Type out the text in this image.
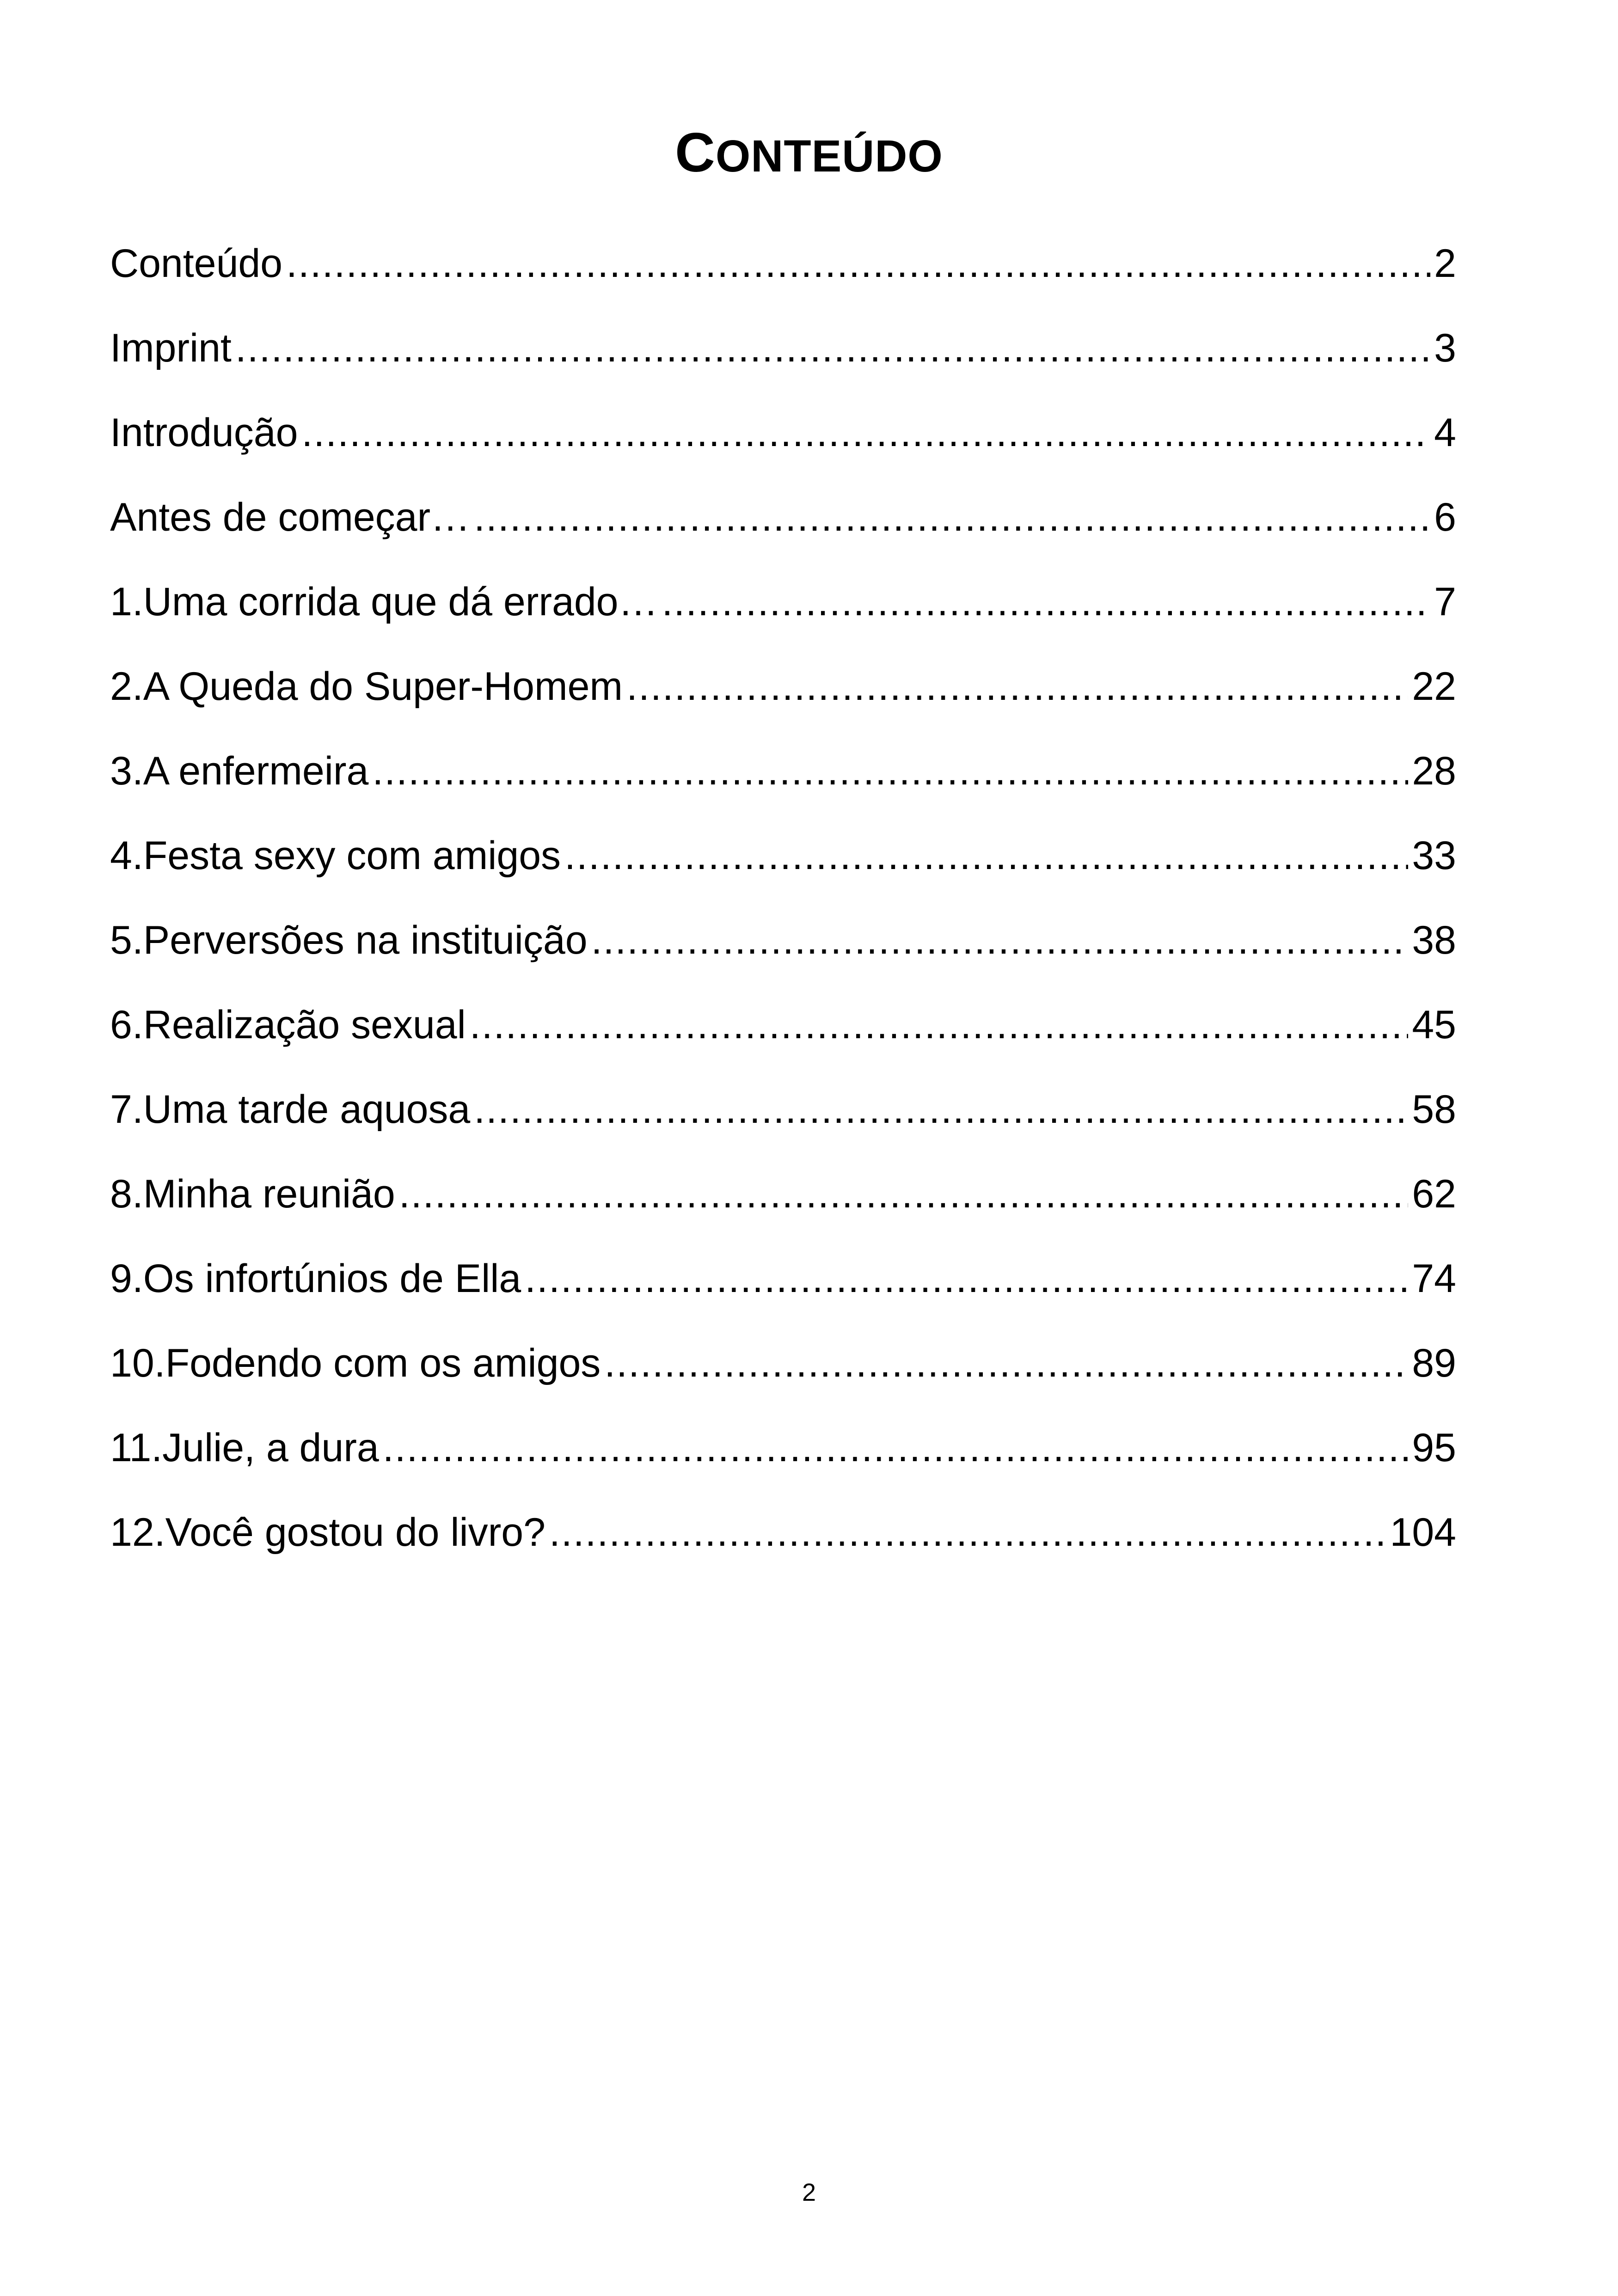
CONTEÚDO
Conteúdo .....	2
Imprint .....	3
Introdução .....	4
Antes de começar… .....	6
1. Uma corrida que dá errado… .....	7
2. A Queda do Super-Homem .....	22
3. A enfermeira .....	28
4. Festa sexy com amigos .....	33
5. Perversões na instituição .....	38
6. Realização sexual .....	45
7. Uma tarde aquosa .....	58
8. Minha reunião .....	62
9. Os infortúnios de Ella .....	74
10. Fodendo com os amigos .....	89
11. Julie, a dura .....	95
12. Você gostou do livro? .....	104
2
